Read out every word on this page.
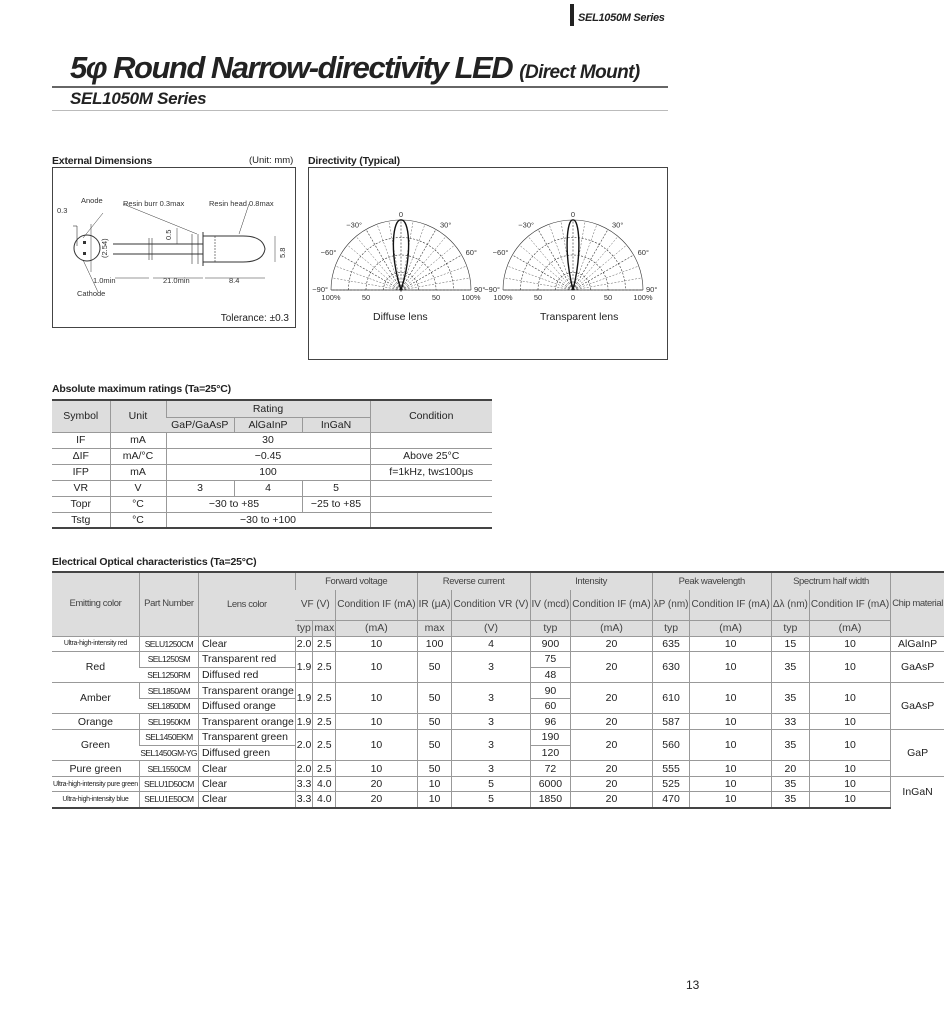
SEL1050M Series
5φ Round Narrow-directivity LED (Direct Mount)
SEL1050M Series
External Dimensions	(Unit: mm)
Anode	Resin burr 0.3max	Resin head 0.8max
0.3
(2.54)
0.5
1.0min	21.0min	8.4
5.8
Cathode
Tolerance: ±0.3
Directivity (Typical)
0
30°
−30°
60°
−60°
90°
−90°
100%	50	0	50	100%
0
30°
−30°
60°
−60°
90°
−90°
100%	50	0	50	100%
Diffuse lens	Transparent lens
Absolute maximum ratings (Ta=25°C)
Symbol	Unit	Rating			Condition
		GaP/GaAsP	AlGaInP	InGaN	
IF	mA	30			
ΔIF	mA/°C	−0.45			Above 25°C
IFP	mA	100			f=1kHz, tw≤100μs
VR	V	3	4	5	
Topr	°C	−30 to +85		−25 to +85	
Tstg	°C	−30 to +100			
Electrical Optical characteristics (Ta=25°C)
Emitting color	Part Number	Lens color	Forward voltage			Reverse current		Intensity		Peak wavelength		Spectrum half width		Chip material
			VF (V)		Condition IF (mA)	IR (μA)	Condition VR (V)	IV (mcd)	Condition IF (mA)	λP (nm)	Condition IF (mA)	Δλ (nm)	Condition IF (mA)	
			typ	max	(mA)	max	(V)	typ	(mA)	typ	(mA)	typ	(mA)	
Ultra-high-intensity red	SELU1250CM	Clear	2.0	2.5	10	100	4	900	20	635	10	15	10	AlGaInP
Red	SEL1250SM	Transparent red	1.9	2.5	10	50	3	75	20	630	10	35	10	GaAsP
	SEL1250RM	Diffused red						48						
Amber	SEL1850AM	Transparent orange	1.9	2.5	10	50	3	90	20	610	10	35	10	GaAsP
	SEL1850DM	Diffused orange						60						
Orange	SEL1950KM	Transparent orange	1.9	2.5	10	50	3	96	20	587	10	33	10	
Green	SEL1450EKM	Transparent green	2.0	2.5	10	50	3	190	20	560	10	35	10	GaP
	SEL1450GM-YG	Diffused green						120						
Pure green	SEL1550CM	Clear	2.0	2.5	10	50	3	72	20	555	10	20	10	
Ultra-high-intensity pure green	SELU1D50CM	Clear	3.3	4.0	20	10	5	6000	20	525	10	35	10	InGaN
Ultra-high-intensity blue	SELU1E50CM	Clear	3.3	4.0	20	10	5	1850	20	470	10	35	10	
13
